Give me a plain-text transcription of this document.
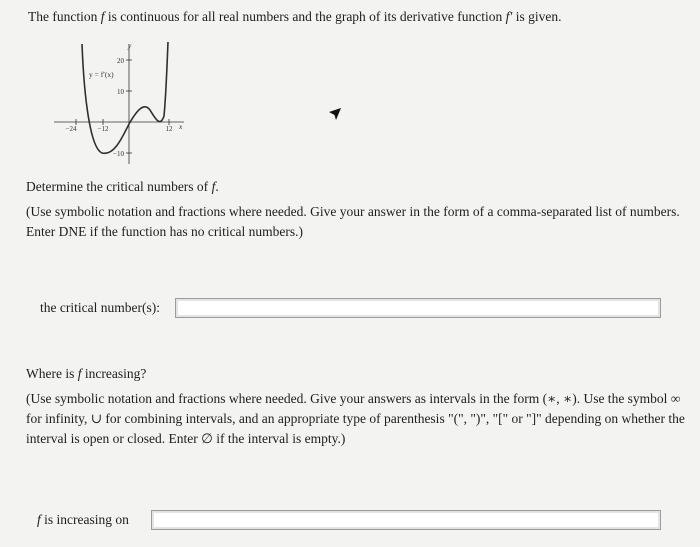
The function f is continuous for all real numbers and the graph of its derivative function f′ is given.
y = f′(x)
y
x
20
10
−10
−24	−12	12
Determine the critical numbers of f.
(Use symbolic notation and fractions where needed. Give your answer in the form of a comma-separated list of numbers. Enter DNE if the function has no critical numbers.)
the critical number(s):
Where is f increasing?
(Use symbolic notation and fractions where needed. Give your answers as intervals in the form (∗, ∗). Use the symbol ∞ for infinity, ∪ for combining intervals, and an appropriate type of parenthesis "(", ")", "[" or "]" depending on whether the interval is open or closed. Enter ∅ if the interval is empty.)
f is increasing on
